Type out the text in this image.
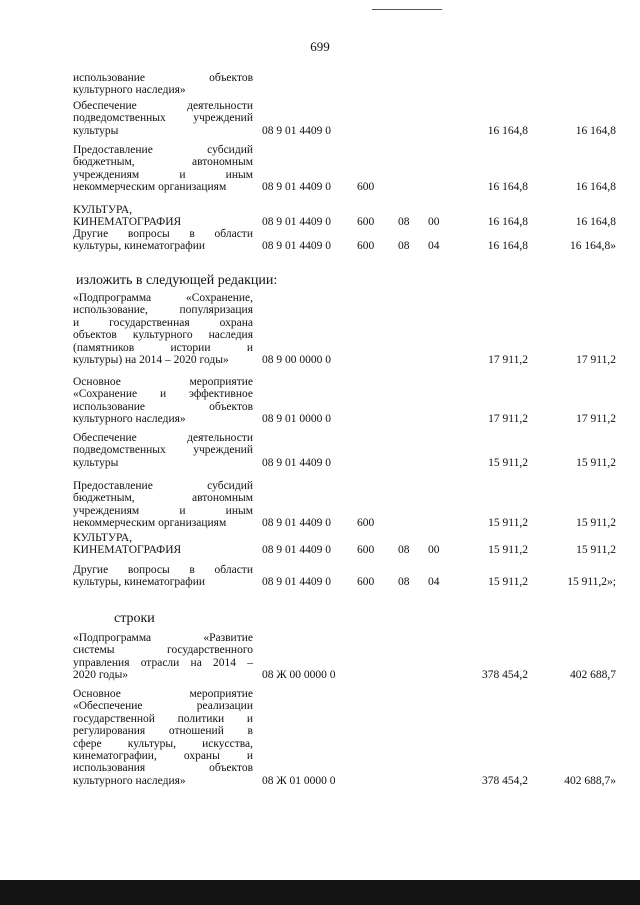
699
использование объектов
культурного наследия»
Обеспечение деятельности
подведомственных учреждений
культуры	08 9 01 4409 0	16 164,8	16 164,8
Предоставление субсидий
бюджетным, автономным
учреждениям и иным
некоммерческим организациям	08 9 01 4409 0 600	16 164,8	16 164,8
КУЛЬТУРА,
КИНЕМАТОГРАФИЯ	08 9 01 4409 0 600 08 00	16 164,8	16 164,8
Другие вопросы в области
культуры, кинематографии	08 9 01 4409 0 600 08 04	16 164,8	16 164,8»
изложить в следующей редакции:
«Подпрограмма «Сохранение,
использование, популяризация
и государственная охрана
объектов культурного наследия
(памятников истории и
культуры) на 2014 – 2020 годы»	08 9 00 0000 0	17 911,2	17 911,2
Основное мероприятие
«Сохранение и эффективное
использование объектов
культурного наследия»	08 9 01 0000 0	17 911,2	17 911,2
Обеспечение деятельности
подведомственных учреждений
культуры	08 9 01 4409 0	15 911,2	15 911,2
Предоставление субсидий
бюджетным, автономным
учреждениям и иным
некоммерческим организациям	08 9 01 4409 0 600	15 911,2	15 911,2
КУЛЬТУРА,
КИНЕМАТОГРАФИЯ	08 9 01 4409 0 600 08 00	15 911,2	15 911,2
Другие вопросы в области
культуры, кинематографии	08 9 01 4409 0 600 08 04	15 911,2	15 911,2»;
строки
«Подпрограмма «Развитие
системы государственного
управления отрасли на 2014 –
2020 годы»	08 Ж 00 0000 0	378 454,2	402 688,7
Основное мероприятие
«Обеспечение реализации
государственной политики и
регулирования отношений в
сфере культуры, искусства,
кинематографии, охраны и
использования объектов
культурного наследия»	08 Ж 01 0000 0	378 454,2	402 688,7»
